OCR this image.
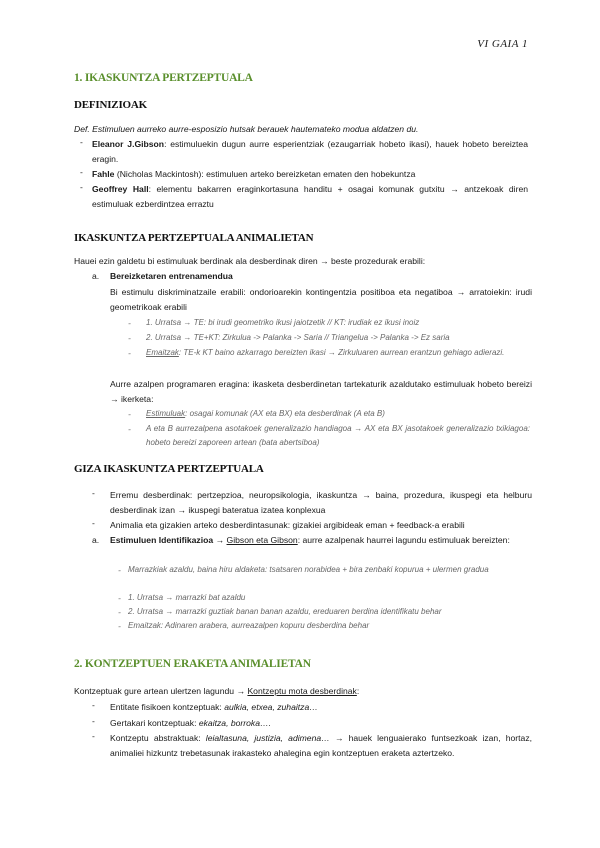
VI GAIA 1
1. IKASKUNTZA PERTZEPTUALA
DEFINIZIOAK
Def. Estimuluen aurreko aurre-esposizio hutsak berauek hautemateko modua aldatzen du.
- Eleanor J.Gibson: estimuluekin dugun aurre esperientziak (ezaugarriak hobeto ikasi), hauek hobeto bereiztea eragin.
- Fahle (Nicholas Mackintosh): estimuluen arteko bereizketan ematen den hobekuntza
- Geoffrey Hall: elementu bakarren eraginkortasuna handitu + osagai komunak gutxitu → antzekoak diren estimuluak ezberdintzea erraztu
IKASKUNTZA PERTZEPTUALA ANIMALIETAN
Hauei ezin galdetu bi estimuluak berdinak ala desberdinak diren → beste prozedurak erabili:
a. Bereizketaren entrenamendua
Bi estimulu diskriminatzaile erabili: ondorioarekin kontingentzia positiboa eta negatiboa → arratoiekin: irudi geometrikoak erabili
- 1. Urratsa → TE: bi irudi geometriko ikusi jaiotzetik // KT: irudiak ez ikusi inoiz
- 2. Urratsa → TE+KT: Zirkulua -> Palanka -> Saria // Triangelua -> Palanka -> Ez saria
- Emaitzak: TE-k KT baino azkarrago bereizten ikasi → Zirkuluaren aurrean erantzun gehiago adierazi.
Aurre azalpen programaren eragina: ikasketa desberdinetan tartekaturik azaldutako estimuluak hobeto bereizi → ikerketa:
- Estimuluak: osagai komunak (AX eta BX) eta desberdinak (A eta B)
- A eta B aurrezalpena asotakoek generalizazio handiagoa → AX eta BX jasotakoek generalizazio txikiagoa: hobeto bereizi zaporeen artean (bata abertsiboa)
GIZA IKASKUNTZA PERTZEPTUALA
- Erremu desberdinak: pertzepzioa, neuropsikologia, ikaskuntza → baina, prozedura, ikuspegi eta helburu desberdinak izan → ikuspegi bateratua izatea konplexua
- Animalia eta gizakien arteko desberdintasunak: gizakiei argibideak eman + feedback-a erabili
a. Estimuluen Identifikazioa → Gibson eta Gibson: aurre azalpenak haurrei lagundu estimuluak bereizten:
- Marrazkiak azaldu, baina hiru aldaketa: tsatsaren norabidea + bira zenbaki kopurua + ulermen gradua
- 1. Urratsa → marrazki bat azaldu
- 2. Urratsa → marrazki guztiak banan banan azaldu, ereduaren berdina identifikatu behar
- Emaitzak: Adinaren arabera, aurreazalpen kopuru desberdina behar
2. KONTZEPTUEN ERAKETA ANIMALIETAN
Kontzeptuak gure artean ulertzen lagundu → Kontzeptu mota desberdinak:
- Entitate fisikoen kontzeptuak: aulkia, etxea, zuhaitza…
- Gertakari kontzeptuak: ekaitza, borroka….
- Kontzeptu abstraktuak: leialtasuna, justizia, adimena… → hauek lenguaierako funtsezkoak izan, hortaz, animaliei hizkuntz trebetasunak irakasteko ahalegina egin kontzeptuen eraketa aztertzeko.
